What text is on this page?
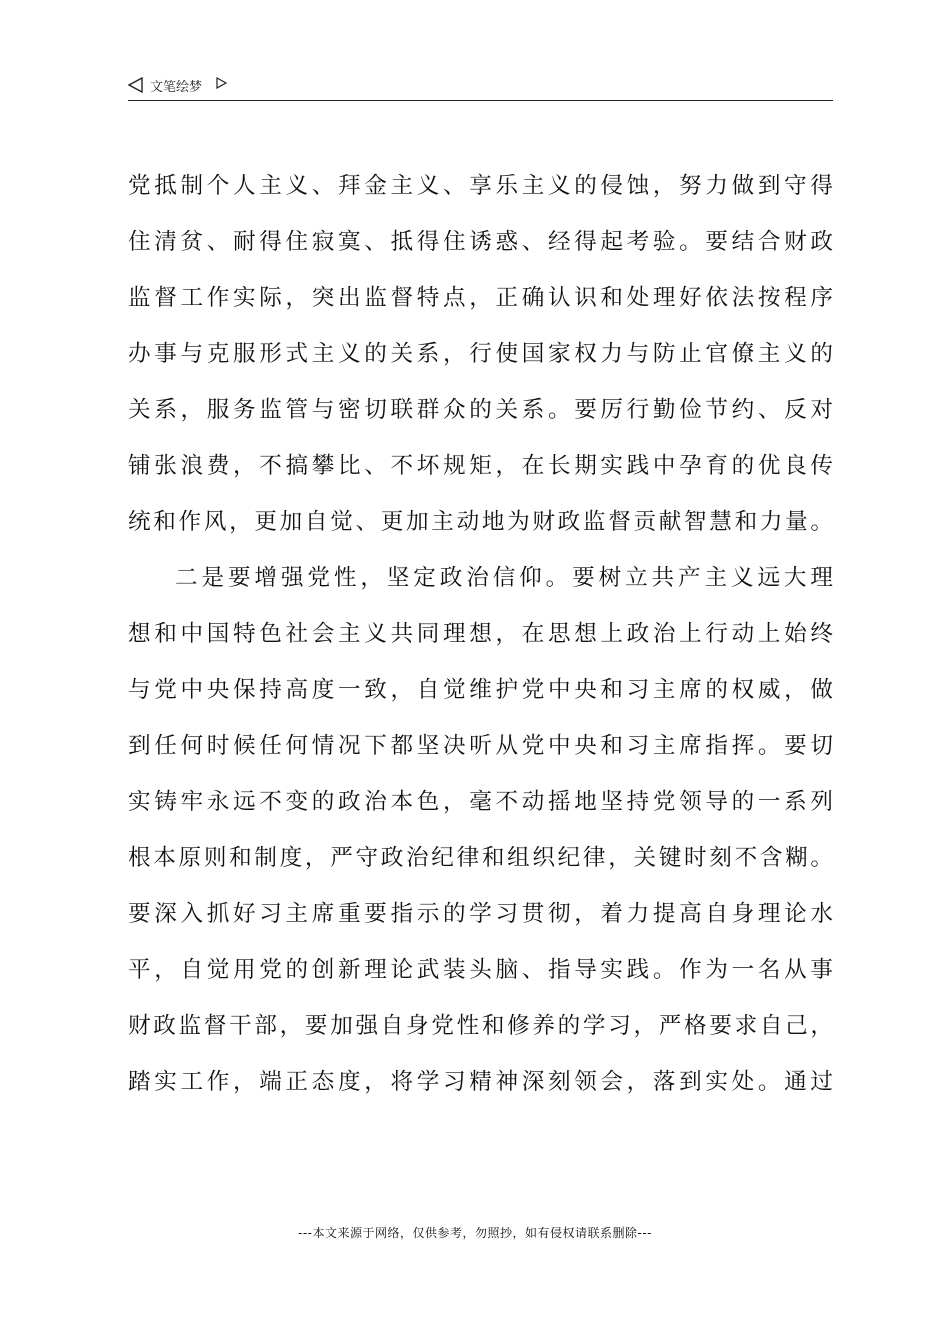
文笔绘梦
党抵制个人主义、拜金主义、享乐主义的侵蚀，努力做到守得
住清贫、耐得住寂寞、抵得住诱惑、经得起考验。要结合财政
监督工作实际，突出监督特点，正确认识和处理好依法按程序
办事与克服形式主义的关系，行使国家权力与防止官僚主义的
关系，服务监管与密切联群众的关系。要厉行勤俭节约、反对
铺张浪费，不搞攀比、不坏规矩，在长期实践中孕育的优良传
统和作风，更加自觉、更加主动地为财政监督贡献智慧和力量。
二是要增强党性，坚定政治信仰。要树立共产主义远大理
想和中国特色社会主义共同理想，在思想上政治上行动上始终
与党中央保持高度一致，自觉维护党中央和习主席的权威，做
到任何时候任何情况下都坚决听从党中央和习主席指挥。要切
实铸牢永远不变的政治本色，毫不动摇地坚持党领导的一系列
根本原则和制度，严守政治纪律和组织纪律，关键时刻不含糊。
要深入抓好习主席重要指示的学习贯彻，着力提高自身理论水
平，自觉用党的创新理论武装头脑、指导实践。作为一名从事
财政监督干部，要加强自身党性和修养的学习，严格要求自己，
踏实工作，端正态度，将学习精神深刻领会，落到实处。通过
---本文来源于网络，仅供参考，勿照抄，如有侵权请联系删除---
